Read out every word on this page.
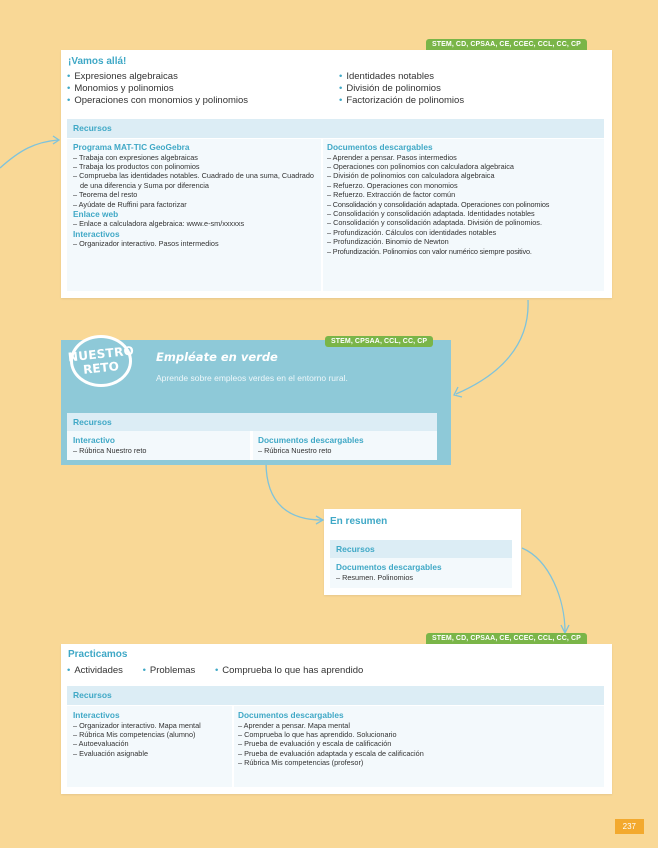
STEM, CD, CPSAA, CE, CCEC, CCL, CC, CP
¡Vamos allá!
• Expresiones algebraicas
• Monomios y polinomios
• Operaciones con monomios y polinomios
• Identidades notables
• División de polinomios
• Factorización de polinomios
Recursos
Programa MAT-TIC GeoGebra
– Trabaja con expresiones algebraicas
– Trabaja los productos con polinomios
– Comprueba las identidades notables. Cuadrado de una suma, Cuadrado de una diferencia y Suma por diferencia
– Teorema del resto
– Ayúdate de Ruffini para factorizar
Enlace web
– Enlace a calculadora algebraica: www.e-sm/xxxxxs
Interactivos
– Organizador interactivo. Pasos intermedios
Documentos descargables
– Aprender a pensar. Pasos intermedios
– Operaciones con polinomios con calculadora algebraica
– División de polinomios con calculadora algebraica
– Refuerzo. Operaciones con monomios
– Refuerzo. Extracción de factor común
– Consolidación y consolidación adaptada. Operaciones con polinomios
– Consolidación y consolidación adaptada. Identidades notables
– Consolidación y consolidación adaptada. División de polinomios.
– Profundización. Cálculos con identidades notables
– Profundización. Binomio de Newton
– Profundización. Polinomios con valor numérico siempre positivo.
STEM, CPSAA, CCL, CC, CP
NUESTRO
RETO
Empléate en verde
Aprende sobre empleos verdes en el entorno rural.
Recursos
Interactivo
– Rúbrica Nuestro reto
Documentos descargables
– Rúbrica Nuestro reto
En resumen
Recursos
Documentos descargables
– Resumen. Polinomios
STEM, CD, CPSAA, CE, CCEC, CCL, CC, CP
Practicamos
• Actividades	• Problemas	• Comprueba lo que has aprendido
Recursos
Interactivos
– Organizador interactivo. Mapa mental
– Rúbrica Mis competencias (alumno)
– Autoevaluación
– Evaluación asignable
Documentos descargables
– Aprender a pensar. Mapa mental
– Comprueba lo que has aprendido. Solucionario
– Prueba de evaluación y escala de calificación
– Prueba de evaluación adaptada y escala de calificación
– Rúbrica Mis competencias (profesor)
237
